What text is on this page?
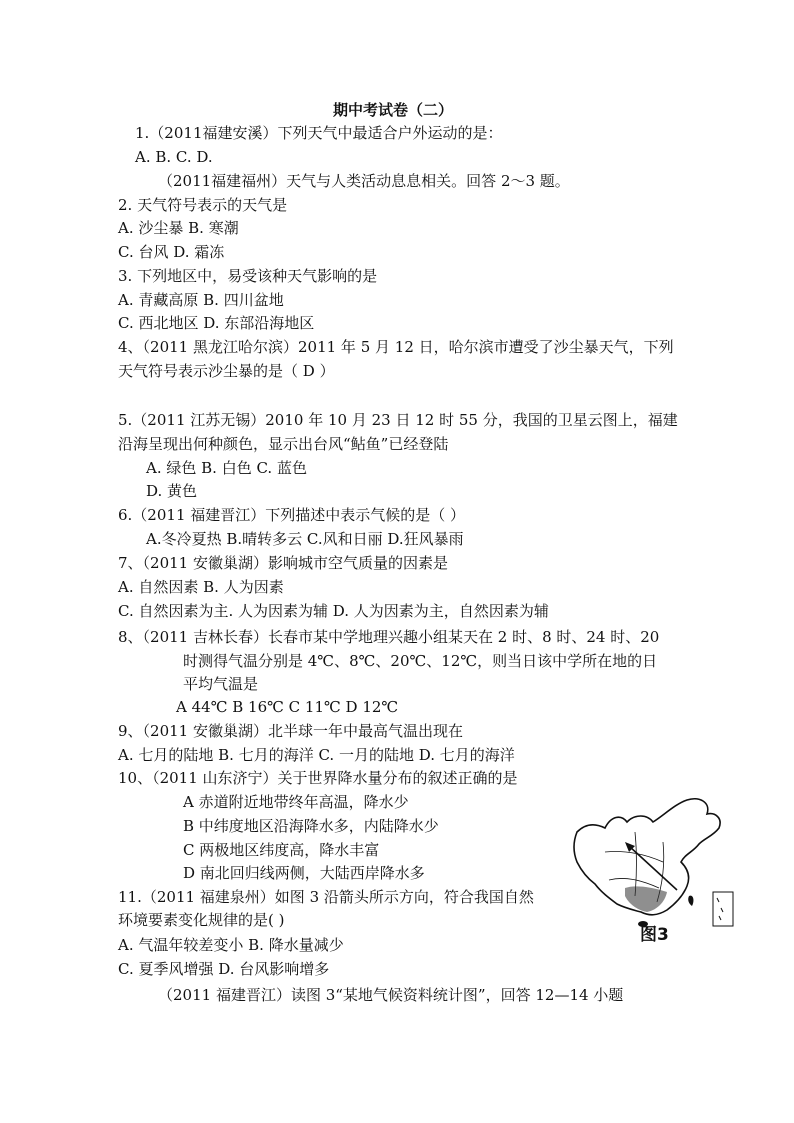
期中考试卷（二）
1.（2011福建安溪）下列天气中最适合户外运动的是：
A. B. C. D.
（2011福建福州）天气与人类活动息息相关。回答 2～3 题。
2. 天气符号表示的天气是
A. 沙尘暴 B. 寒潮
C. 台风 D. 霜冻
3. 下列地区中，易受该种天气影响的是
A. 青藏高原 B. 四川盆地
C. 西北地区 D. 东部沿海地区
4、（2011 黑龙江哈尔滨）2011 年 5 月 12 日，哈尔滨市遭受了沙尘暴天气，下列
天气符号表示沙尘暴的是（ D ）
5.（2011 江苏无锡）2010 年 10 月 23 日 12 时 55 分，我国的卫星云图上，福建
沿海呈现出何种颜色，显示出台风“鲇鱼”已经登陆
A. 绿色 B. 白色 C. 蓝色
D. 黄色
6.（2011 福建晋江）下列描述中表示气候的是（ ）
A.冬冷夏热 B.晴转多云 C.风和日丽 D.狂风暴雨
7、（2011 安徽巢湖）影响城市空气质量的因素是
A. 自然因素 B. 人为因素
C. 自然因素为主. 人为因素为辅 D. 人为因素为主，自然因素为辅
8、（2011 吉林长春）长春市某中学地理兴趣小组某天在 2 时、8 时、24 时、20
时测得气温分别是 4℃、8℃、20℃、12℃，则当日该中学所在地的日
平均气温是
A 44℃ B 16℃ C 11℃ D 12℃
9、（2011 安徽巢湖）北半球一年中最高气温出现在
A. 七月的陆地 B. 七月的海洋 C. 一月的陆地 D. 七月的海洋
10、（2011 山东济宁）关于世界降水量分布的叙述正确的是
A 赤道附近地带终年高温，降水少
B 中纬度地区沿海降水多，内陆降水少
C 两极地区纬度高，降水丰富
D 南北回归线两侧，大陆西岸降水多
11.（2011 福建泉州）如图 3 沿箭头所示方向，符合我国自然
环境要素变化规律的是( )
A. 气温年较差变小 B. 降水量减少
C. 夏季风增强 D. 台风影响增多
（2011 福建晋江）读图 3“某地气候资料统计图”，回答 12—14 小题
图3
